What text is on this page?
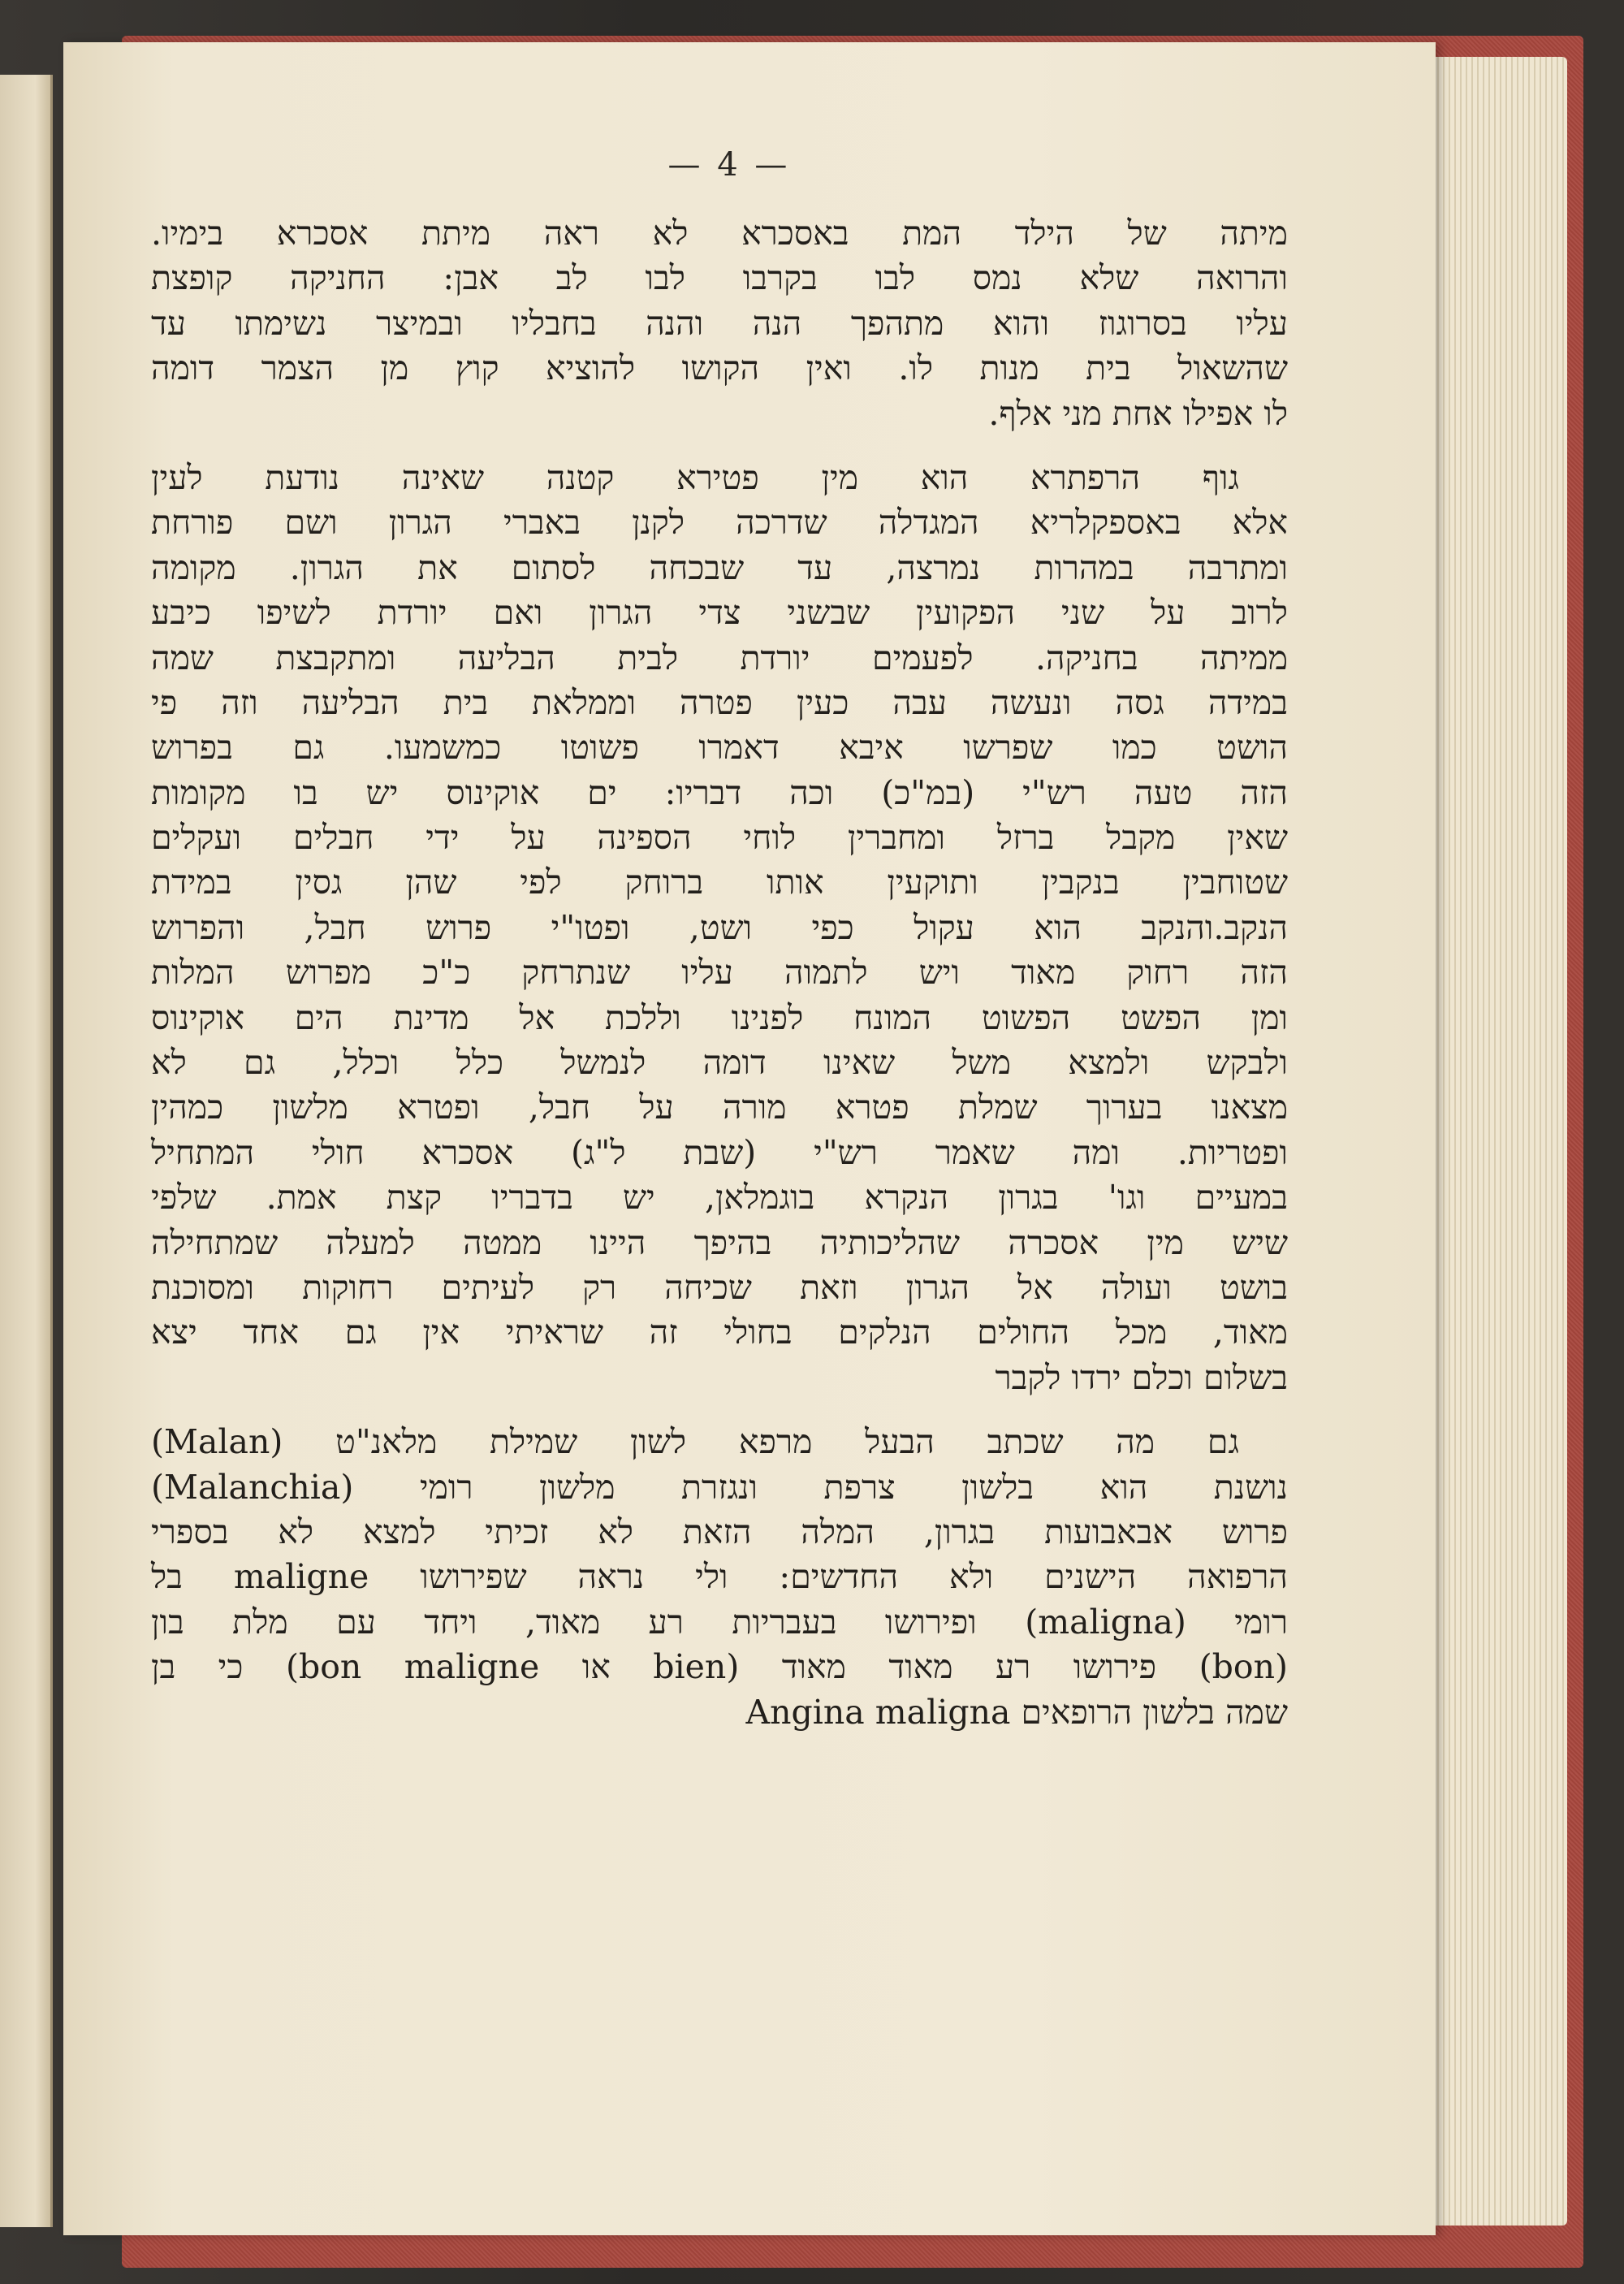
— 4 —
מיתה של הילד המת באסכרא לא ראה מיתת אסכרא בימיו.
והרואה שלא נמס לבו בקרבו לבו לב אבן: החניקה קופצת
עליו בסרוגוז והוא מתהפך הנה והנה בחבליו ובמיצר נשימתו עד
שהשאול בית מנות לו. ואין הקושו להוציא קוץ מן הצמר דומה
לו אפילו אחת מני אלף.
גוף הרפתרא הוא מין פטירא קטנה שאינה נודעת לעין
אלא באספקלריא המגדלה שדרכה לקנן באברי הגרון ושם פורחת
ומתרבה במהרות נמרצה, עד שבכחה לסתום את הגרון. מקומה
לרוב על שני הפקועין שבשני צדי הגרון ואם יורדת לשיפו כיבע
ממיתה בחניקה. לפעמים יורדת לבית הבליעה ומתקבצת שמה
במידה גסה ונעשה עבה כעין פטרה וממלאת בית הבליעה וזה פי
הושט כמו שפרשו איבא דאמרו פשוטו כמשמעו. גם בפרוש
הזה טעה רש"י (במ"כ) וכה דבריו: ים אוקינוס יש בו מקומות
שאין מקבל ברזל ומחברין לוחי הספינה על ידי חבלים ועקלים
שטוחבין בנקבין ותוקעין אותו ברוחק לפי שהן גסין במידת
הנקב.והנקב הוא עקול כפי ושט, ופטו"י פרוש חבל, והפרוש
הזה רחוק מאוד ויש לתמוה עליו שנתרחק כ"כ מפרוש המלות
ומן הפשט הפשוט המונח לפנינו וללכת אל מדינת הים אוקינוס
ולבקש ולמצא משל שאינו דומה לנמשל כלל וכלל, גם לא
מצאנו בערוך שמלת פטרא מורה על חבל, ופטרא מלשון כמהין
ופטריות. ומה שאמר רש"י (שבת ל"ג) אסכרא חולי המתחיל
במעיים וגו' בגרון הנקרא בוגמלאן, יש בדבריו קצת אמת. שלפי
שיש מין אסכרה שהליכותיה בהיפך היינו ממטה למעלה שמתחילה
בושט ועולה אל הגרון וזאת שכיחה רק לעיתים רחוקות ומסוכנת
מאוד, מכל החולים הנלקים בחולי זה שראיתי אין גם אחד יצא
בשלום וכלם ירדו לקבר
גם מה שכתב הבעל מרפא לשון שמילת מלאנ"ט (Malan)
נושנת הוא בלשון צרפת ונגזרת מלשון רומי (Malanchia)
פרוש אבאבועות בגרון, המלה הזאת לא זכיתי למצא לא בספרי
הרפואה הישנים ולא החדשים: ולי נראה שפירושו maligne בל
רומי (maligna) ופירושו בעבריות רע מאוד, ויחד עם מלת בון
(bon) פירושו רע מאוד מאוד (bien או bon maligne) כי בן
שמה בלשון הרופאים Angina maligna
